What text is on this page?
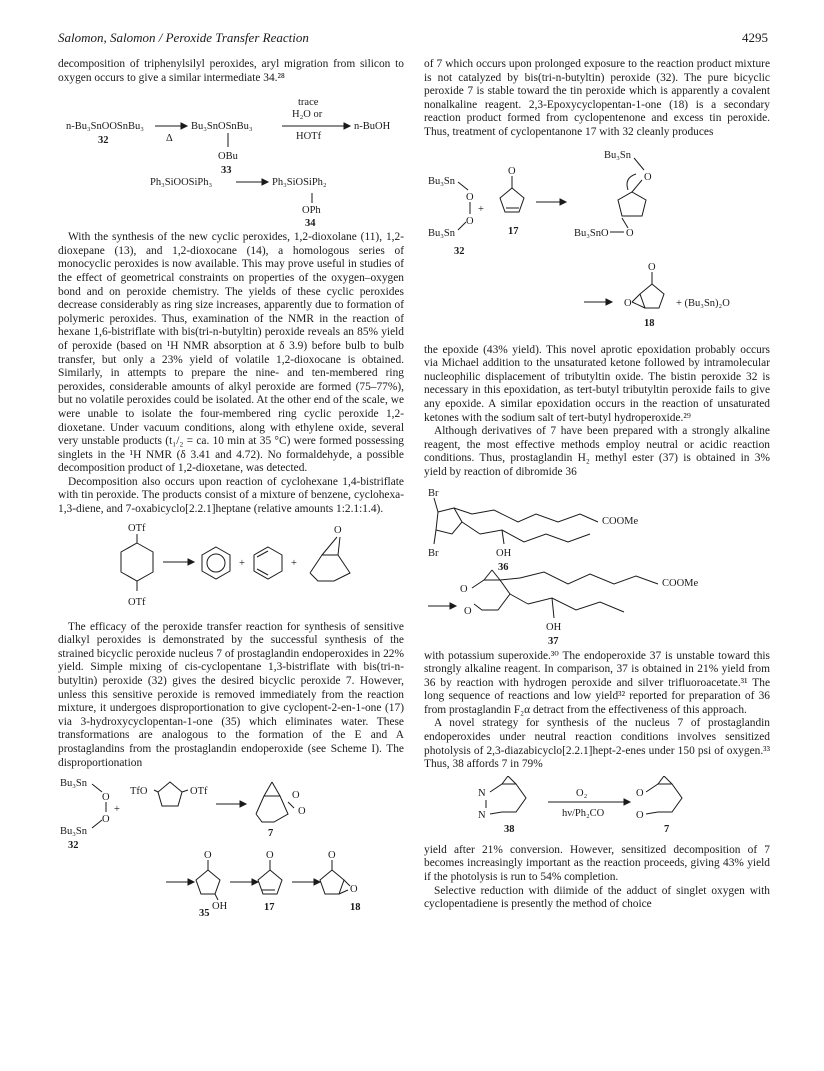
Salomon, Salomon / Peroxide Transfer Reaction	4295

decomposition of triphenylsilyl peroxides, aryl migration from silicon to oxygen occurs to give a similar intermediate 34.²⁸

n-Bu₃SnOOSnBu₃
32	Δ
Bu₃SnOSnBu₃
OBu
33
trace
H₂O or
HOTf
n-BuOH
Ph₃SiOOSiPh₃	Ph₃SiOSiPh₂
OPh
34

With the synthesis of the new cyclic peroxides, 1,2-dioxolane (11), 1,2-dioxepane (13), and 1,2-dioxocane (14), a homologous series of monocyclic peroxides is now available. This may prove useful in studies of the effect of geometrical constraints on properties of the oxygen–oxygen bond and on peroxide chemistry. The yields of these cyclic peroxides decrease considerably as ring size increases, apparently due to formation of polymeric peroxides. Thus, examination of the NMR in the reaction of hexane 1,6-bistriflate with bis(tri-n-butyltin) peroxide reveals an 85% yield of peroxide (based on ¹H NMR absorption at δ 3.9) before bulb to bulb transfer, but only a 23% yield of volatile 1,2-dioxocane is obtained. Similarly, in attempts to prepare the nine- and ten-membered ring peroxides, considerable amounts of alkyl peroxide are formed (75–77%), but no volatile peroxides could be isolated. At the other end of the scale, we were unable to isolate the four-membered ring cyclic peroxide 1,2-dioxetane. Under vacuum conditions, along with ethylene oxide, several very unstable products (t₁/₂ = ca. 10 min at 35 °C) were formed possessing singlets in the ¹H NMR (δ 3.41 and 4.72). No formaldehyde, a possible decomposition product of 1,2-dioxetane, was detected.

Decomposition also occurs upon reaction of cyclohexane 1,4-bistriflate with tin peroxide. The products consist of a mixture of benzene, cyclohexa-1,3-diene, and 7-oxabicyclo[2.2.1]heptane (relative amounts 1:2.1:1.4).

OTf
OTf
+	+
O

The efficacy of the peroxide transfer reaction for synthesis of sensitive dialkyl peroxides is demonstrated by the successful synthesis of the strained bicyclic peroxide nucleus 7 of prostaglandin endoperoxides in 22% yield. Simple mixing of cis-cyclopentane 1,3-bistriflate with bis(tri-n-butyltin) peroxide (32) gives the desired bicyclic peroxide 7. However, unless this sensitive peroxide is removed immediately from the reaction mixture, it undergoes disproportionation to give cyclopent-2-en-1-one (17) via 3-hydroxycyclopentan-1-one (35) which eliminates water. These transformations are analogous to the formation of the E and A prostaglandins from the prostaglandin endoperoxide (see Scheme I). The disproportionation

Bu₃Sn
O
O
+
Bu₃Sn
32
TfO	OTf	O
O
7
O
OH
35
O
17
O
O
18

of 7 which occurs upon prolonged exposure to the reaction product mixture is not catalyzed by bis(tri-n-butyltin) peroxide (32). The pure bicyclic peroxide 7 is stable toward the tin peroxide which is apparently a covalent nonalkaline reagent. 2,3-Epoxycyclopentan-1-one (18) is a secondary reaction product formed from cyclopentenone and excess tin peroxide. Thus, treatment of cyclopentanone 17 with 32 cleanly produces

Bu₃Sn
O
+
O
Bu₃Sn
32
O
17
Bu₃Sn
O
Bu₃SnO O
O
O
18
+ (Bu₃Sn)₂O

the epoxide (43% yield). This novel aprotic epoxidation probably occurs via Michael addition to the unsaturated ketone followed by intramolecular nucleophilic displacement of tributyltin oxide. The bistin peroxide 32 is necessary in this epoxidation, as tert-butyl tributyltin peroxide fails to give any epoxide. A similar epoxidation occurs in the reaction of unsaturated ketones with the sodium salt of tert-butyl hydroperoxide.²⁹

Although derivatives of 7 have been prepared with a strongly alkaline reagent, the most effective methods employ neutral or acidic reaction conditions. Thus, prostaglandin H₂ methyl ester (37) is obtained in 3% yield by reaction of dibromide 36

Br
COOMe
OH
Br
36
O
O
COOMe
OH
37

with potassium superoxide.³⁰ The endoperoxide 37 is unstable toward this strongly alkaline reagent. In comparison, 37 is obtained in 21% yield from 36 by reaction with hydrogen peroxide and silver trifluoroacetate.³¹ The long sequence of reactions and low yield³² reported for preparation of 36 from prostaglandin F₂α detract from the effectiveness of this approach.

A novel strategy for synthesis of the nucleus 7 of prostaglandin endoperoxides under neutral reaction conditions involves sensitized photolysis of 2,3-diazabicyclo[2.2.1]hept-2-enes under 150 psi of oxygen.³³ Thus, 38 affords 7 in 79%

N
N
38
O₂
hν/Ph₂CO
O
O
7

yield after 21% conversion. However, sensitized decomposition of 7 becomes increasingly important as the reaction proceeds, giving 43% yield if the photolysis is run to 54% completion.

Selective reduction with diimide of the adduct of singlet oxygen with cyclopentadiene is presently the method of choice
